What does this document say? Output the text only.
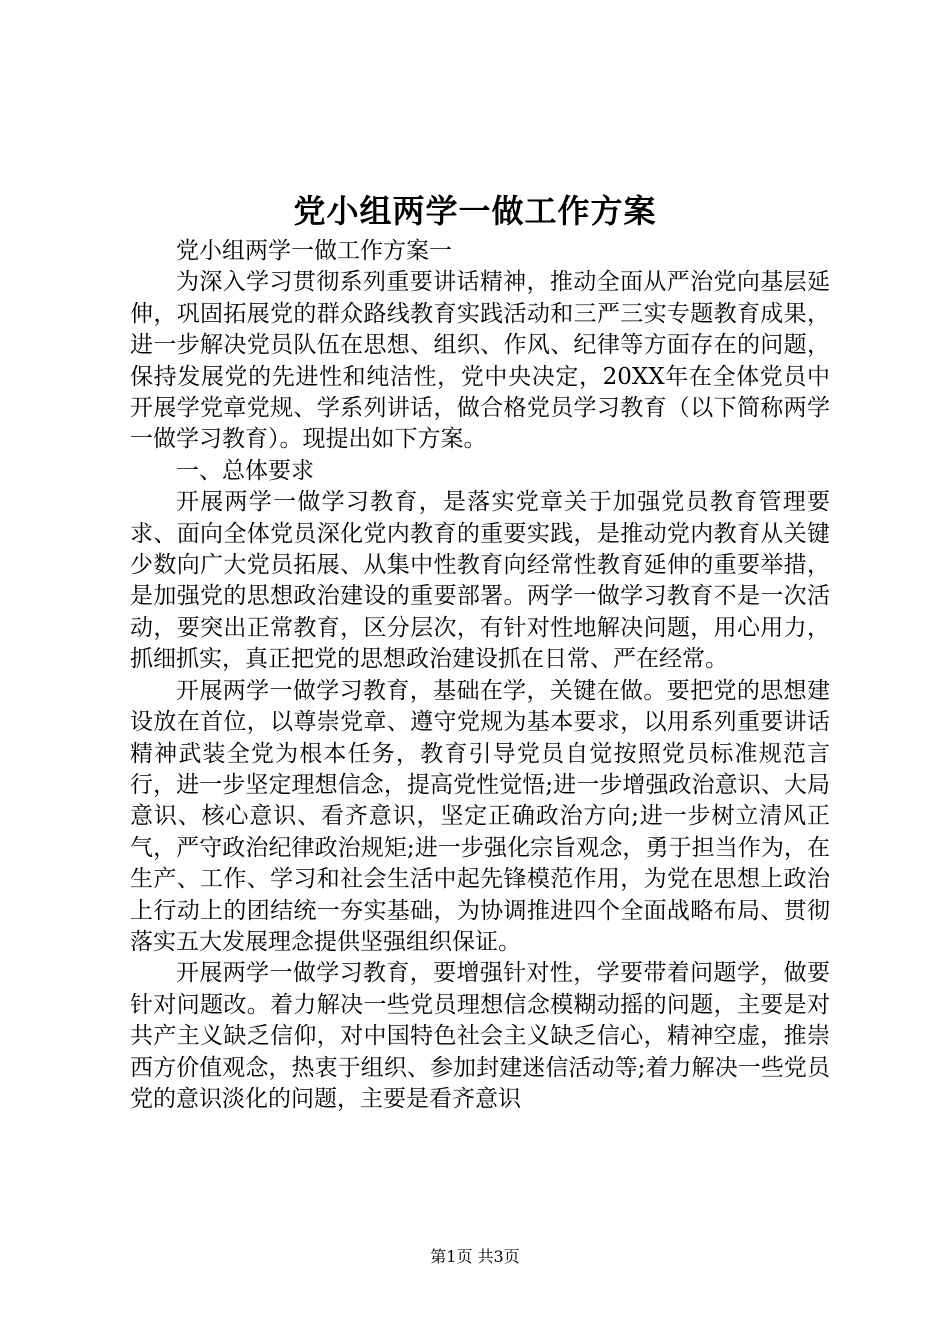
党小组两学一做工作方案

党小组两学一做工作方案一

为深入学习贯彻系列重要讲话精神，推动全面从严治党向基层延伸，巩固拓展党的群众路线教育实践活动和三严三实专题教育成果，进一步解决党员队伍在思想、组织、作风、纪律等方面存在的问题，保持发展党的先进性和纯洁性，党中央决定，20XX年在全体党员中开展学党章党规、学系列讲话，做合格党员学习教育（以下简称两学一做学习教育）。现提出如下方案。

一、总体要求

开展两学一做学习教育，是落实党章关于加强党员教育管理要求、面向全体党员深化党内教育的重要实践，是推动党内教育从关键少数向广大党员拓展、从集中性教育向经常性教育延伸的重要举措，是加强党的思想政治建设的重要部署。两学一做学习教育不是一次活动，要突出正常教育，区分层次，有针对性地解决问题，用心用力，抓细抓实，真正把党的思想政治建设抓在日常、严在经常。

开展两学一做学习教育，基础在学，关键在做。要把党的思想建设放在首位，以尊崇党章、遵守党规为基本要求，以用系列重要讲话精神武装全党为根本任务，教育引导党员自觉按照党员标准规范言行，进一步坚定理想信念，提高党性觉悟;进一步增强政治意识、大局意识、核心意识、看齐意识，坚定正确政治方向;进一步树立清风正气，严守政治纪律政治规矩;进一步强化宗旨观念，勇于担当作为，在生产、工作、学习和社会生活中起先锋模范作用，为党在思想上政治上行动上的团结统一夯实基础，为协调推进四个全面战略布局、贯彻落实五大发展理念提供坚强组织保证。

开展两学一做学习教育，要增强针对性，学要带着问题学，做要针对问题改。着力解决一些党员理想信念模糊动摇的问题，主要是对共产主义缺乏信仰，对中国特色社会主义缺乏信心，精神空虚，推崇西方价值观念，热衷于组织、参加封建迷信活动等;着力解决一些党员党的意识淡化的问题，主要是看齐意识

第1页 共3页
